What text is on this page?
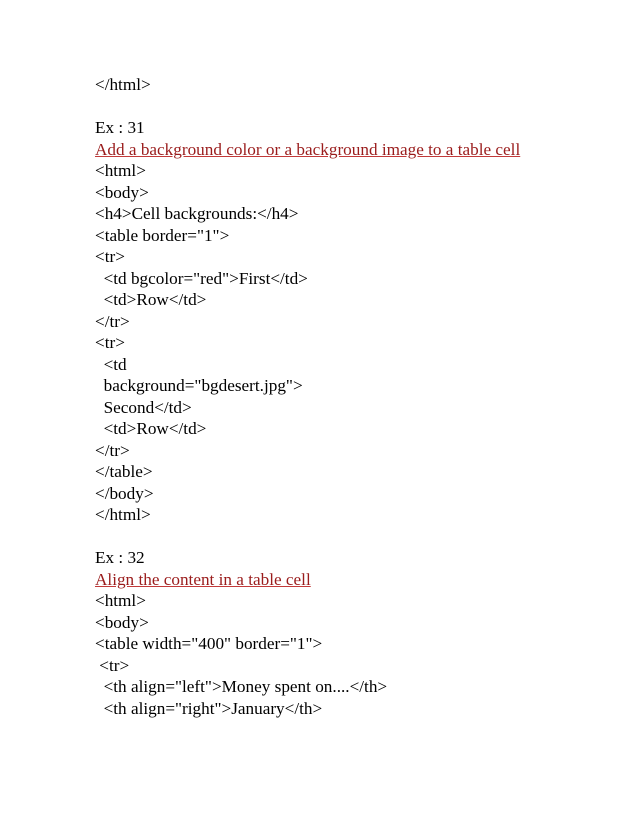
</html>
Ex : 31
Add a background color or a background image to a table cell
<html>
<body>
<h4>Cell backgrounds:</h4>
<table border="1">
<tr>
<td bgcolor="red">First</td>
<td>Row</td>
</tr>
<tr>
<td
background="bgdesert.jpg">
Second</td>
<td>Row</td>
</tr>
</table>
</body>
</html>
Ex : 32
Align the content in a table cell
<html>
<body>
<table width="400" border="1">
<tr>
<th align="left">Money spent on....</th>
<th align="right">January</th>
